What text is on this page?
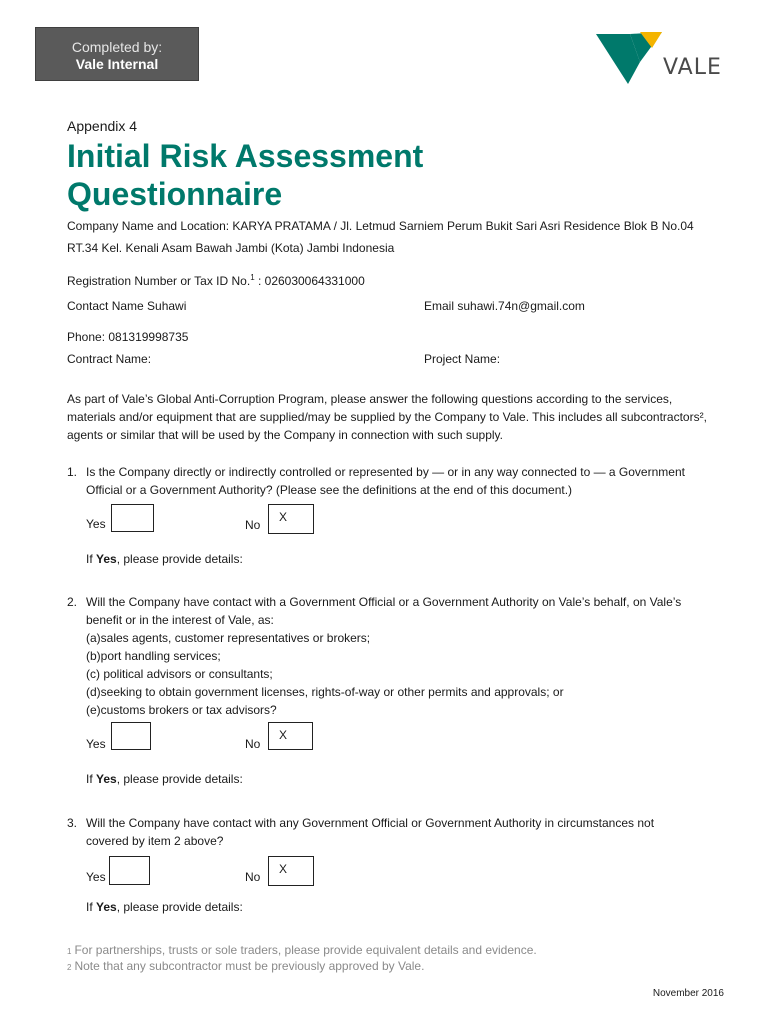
Completed by:
Vale Internal	VALE
Appendix 4
Initial Risk Assessment
Questionnaire
Company Name and Location: KARYA PRATAMA / Jl. Letmud Sarniem Perum Bukit Sari Asri Residence Blok B No.04
RT.34 Kel. Kenali Asam Bawah Jambi (Kota) Jambi Indonesia
Registration Number or Tax ID No.$^1$ : 026030064331000
Contact Name Suhawi	Email suhawi.74n@gmail.com
Phone: 081319998735
Contract Name:	Project Name:
As part of Vale’s Global Anti-Corruption Program, please answer the following questions according to the services,
materials and/or equipment that are supplied/may be supplied by the Company to Vale. This includes all subcontractors²,
agents or similar that will be used by the Company in connection with such supply.
1. Is the Company directly or indirectly controlled or represented by — or in any way connected to — a Government
Official or a Government Authority? (Please see the definitions at the end of this document.)
Yes	No
X
If Yes, please provide details:
2. Will the Company have contact with a Government Official or a Government Authority on Vale’s behalf, on Vale’s
benefit or in the interest of Vale, as:
(a)sales agents, customer representatives or brokers;
(b)port handling services;
(c) political advisors or consultants;
(d)seeking to obtain government licenses, rights-of-way or other permits and approvals; or
(e)customs brokers or tax advisors?
Yes	No
X
If Yes, please provide details:
3. Will the Company have contact with any Government Official or Government Authority in circumstances not
covered by item 2 above?
Yes	No
X
If Yes, please provide details:
1 For partnerships, trusts or sole traders, please provide equivalent details and evidence.
2 Note that any subcontractor must be previously approved by Vale.
November 2016
